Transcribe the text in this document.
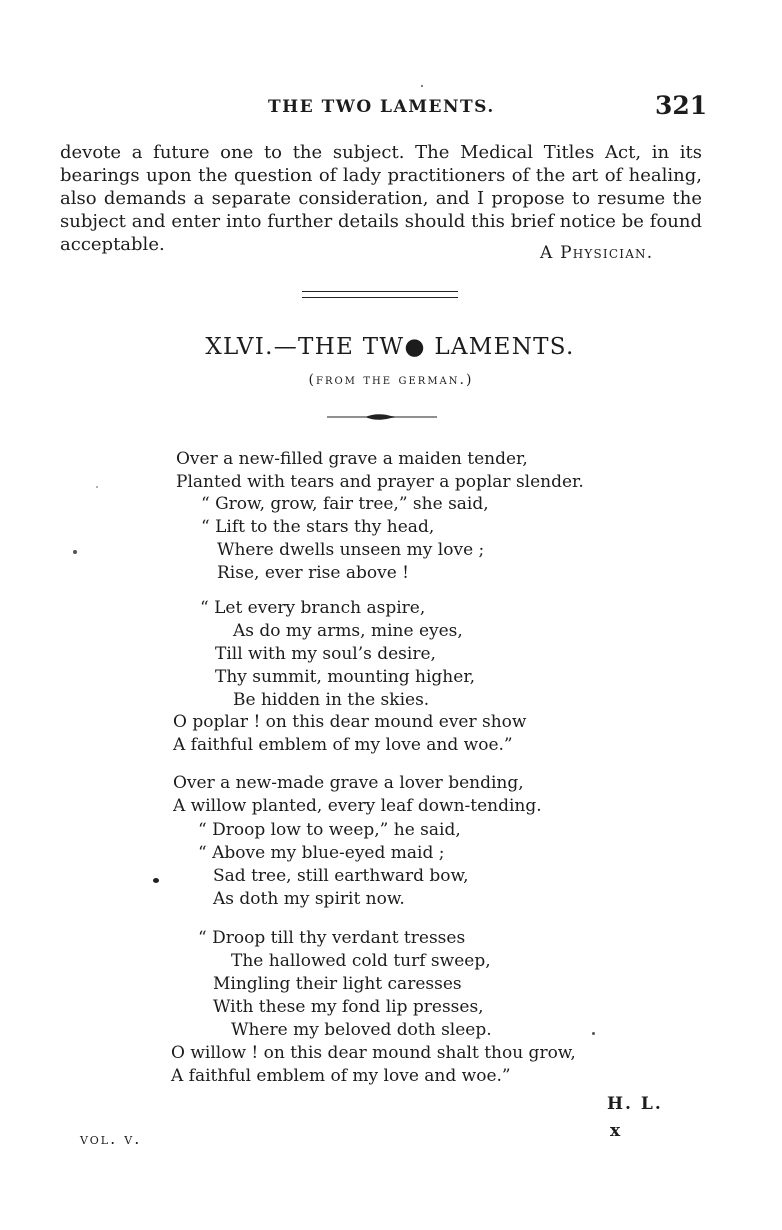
THE TWO LAMENTS.	321
devote a future one to the subject. The Medical Titles Act, in its bearings upon the question of lady practitioners of the art of healing, also demands a separate consideration, and I propose to resume the subject and enter into further details should this brief notice be found acceptable.	A Physician.
XLVI.—THE TW● LAMENTS.
(from the german.)
Over a new-filled grave a maiden tender,
Planted with tears and prayer a poplar slender.
“ Grow, grow, fair tree,” she said,
“ Lift to the stars thy head,
Where dwells unseen my love ;
Rise, ever rise above !
“ Let every branch aspire,
As do my arms, mine eyes,
Till with my soul’s desire,
Thy summit, mounting higher,
Be hidden in the skies.
O poplar ! on this dear mound ever show
A faithful emblem of my love and woe.”
Over a new-made grave a lover bending,
A willow planted, every leaf down-tending.
“ Droop low to weep,” he said,
“ Above my blue-eyed maid ;
Sad tree, still earthward bow,
As doth my spirit now.
“ Droop till thy verdant tresses
The hallowed cold turf sweep,
Mingling their light caresses
With these my fond lip presses,
Where my beloved doth sleep.
O willow ! on this dear mound shalt thou grow,
A faithful emblem of my love and woe.”
H. L.
vol. v.	x
